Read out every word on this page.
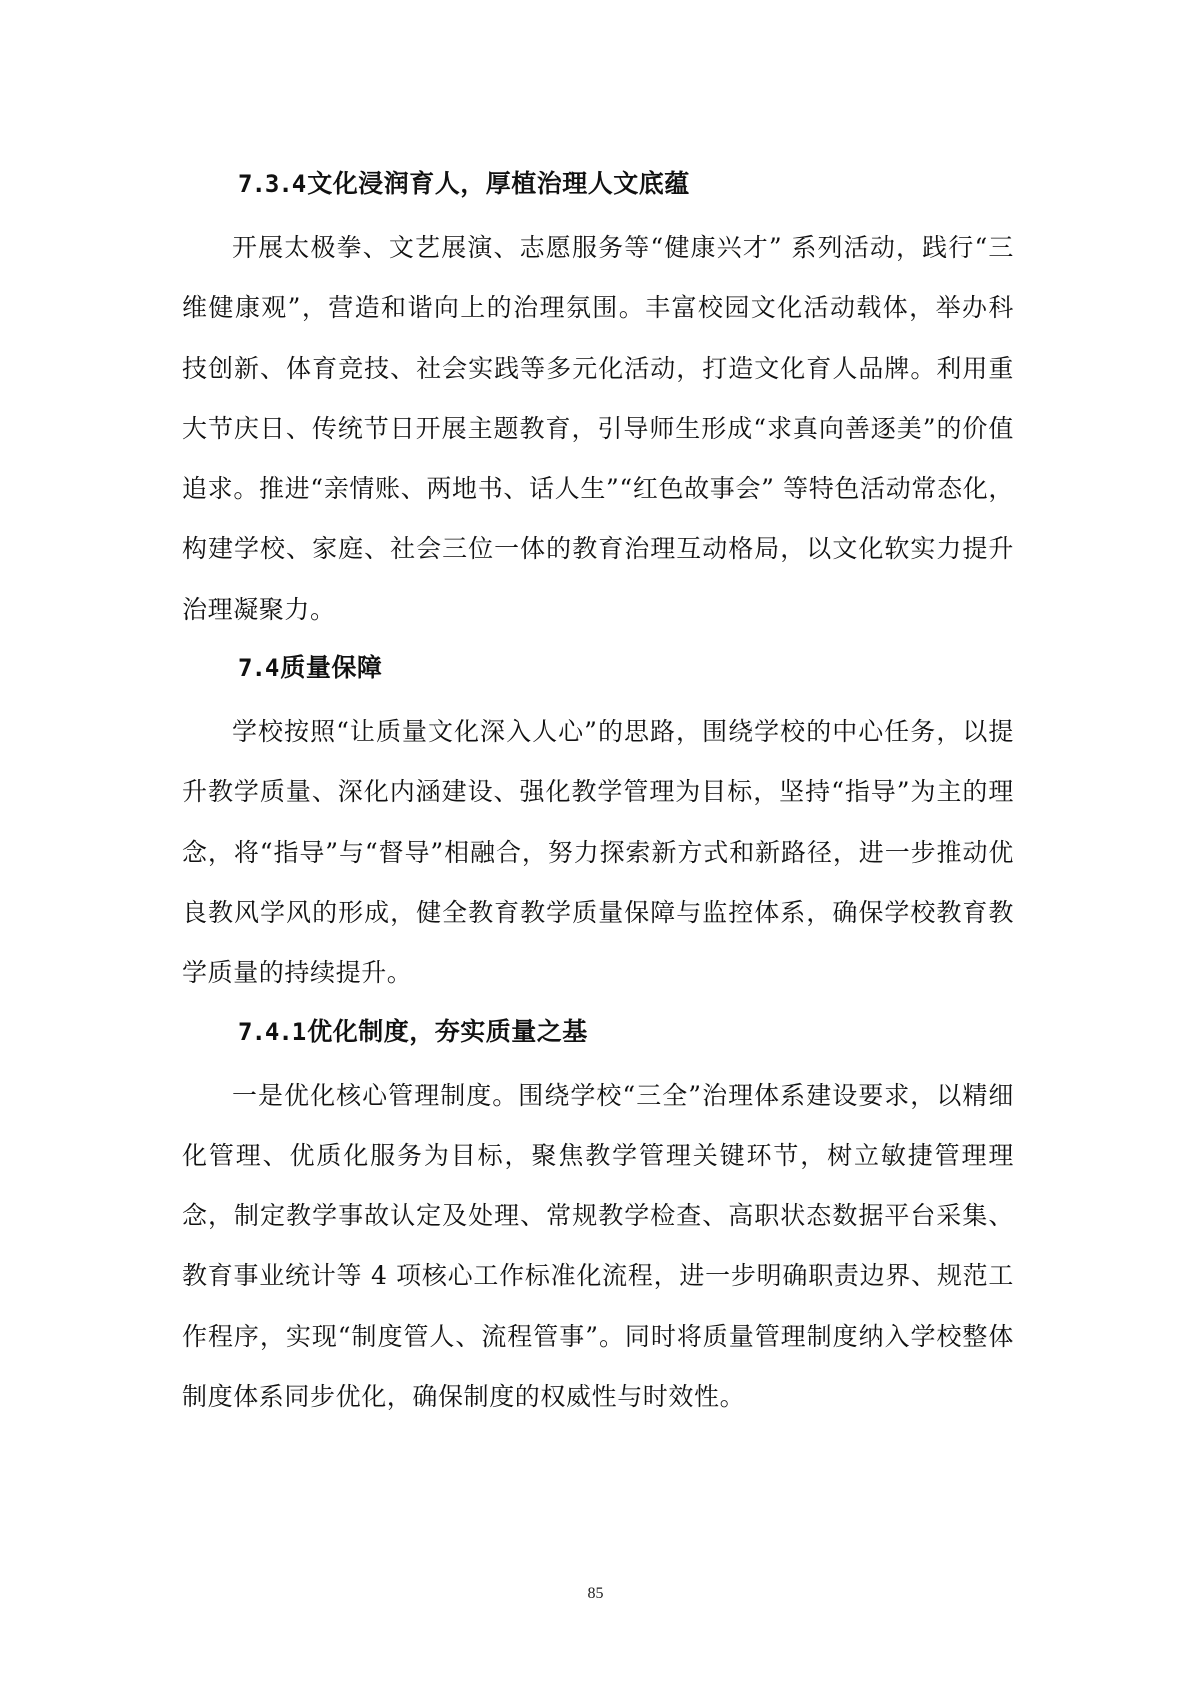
7.3.4文化浸润育人，厚植治理人文底蕴

开展太极拳、文艺展演、志愿服务等“健康兴才” 系列活动，践行“三维健康观”，营造和谐向上的治理氛围。丰富校园文化活动载体，举办科技创新、体育竞技、社会实践等多元化活动，打造文化育人品牌。利用重大节庆日、传统节日开展主题教育，引导师生形成“求真向善逐美”的价值追求。推进“亲情账、两地书、话人生”“红色故事会” 等特色活动常态化，构建学校、家庭、社会三位一体的教育治理互动格局，以文化软实力提升治理凝聚力。

7.4质量保障

学校按照“让质量文化深入人心”的思路，围绕学校的中心任务，以提升教学质量、深化内涵建设、强化教学管理为目标，坚持“指导”为主的理念，将“指导”与“督导”相融合，努力探索新方式和新路径，进一步推动优良教风学风的形成，健全教育教学质量保障与监控体系，确保学校教育教学质量的持续提升。

7.4.1优化制度，夯实质量之基

一是优化核心管理制度。围绕学校“三全”治理体系建设要求，以精细化管理、优质化服务为目标，聚焦教学管理关键环节，树立敏捷管理理念，制定教学事故认定及处理、常规教学检查、高职状态数据平台采集、教育事业统计等 4 项核心工作标准化流程，进一步明确职责边界、规范工作程序，实现“制度管人、流程管事”。同时将质量管理制度纳入学校整体制度体系同步优化，确保制度的权威性与时效性。

85
